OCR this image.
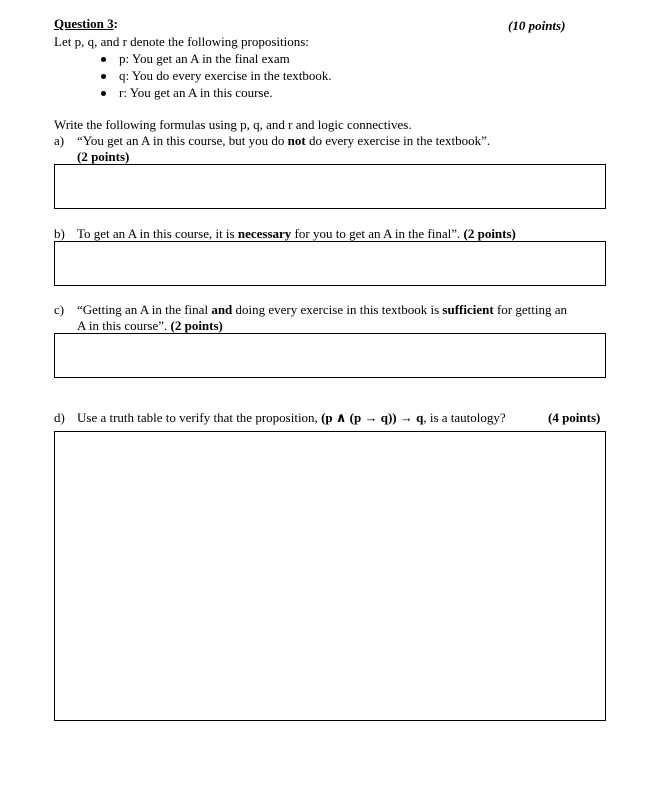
Question 3:	(10 points)
Let p, q, and r denote the following propositions:
p: You get an A in the final exam
q: You do every exercise in the textbook.
r: You get an A in this course.
Write the following formulas using p, q, and r and logic connectives.
a) “You get an A in this course, but you do not do every exercise in the textbook”.
(2 points)
b) To get an A in this course, it is necessary for you to get an A in the final”. (2 points)
c) “Getting an A in the final and doing every exercise in this textbook is sufficient for getting an
A in this course”. (2 points)
d) Use a truth table to verify that the proposition, (p ∧ (p → q)) → q, is a tautology?	(4 points)
